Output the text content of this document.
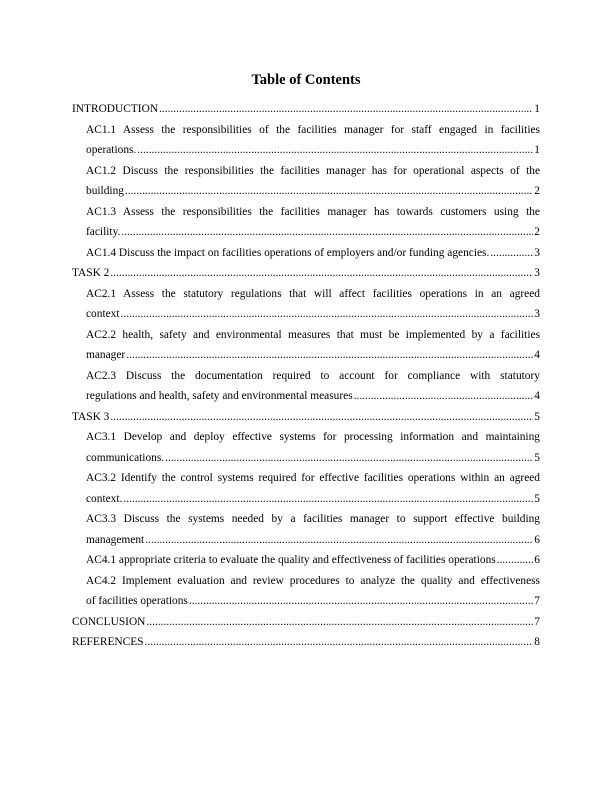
Table of Contents
INTRODUCTION .....	1
AC1.1 Assess the responsibilities of the facilities manager for staff engaged in facilities
operations. .....	1
AC1.2 Discuss the responsibilities the facilities manager has for operational aspects of the
building .....	2
AC1.3 Assess the responsibilities the facilities manager has towards customers using the
facility. .....	2
AC1.4 Discuss the impact on facilities operations of employers and/or funding agencies. .....	3
TASK 2 .....	3
AC2.1 Assess the statutory regulations that will affect facilities operations in an agreed
context .....	3
AC2.2 health, safety and environmental measures that must be implemented by a facilities
manager .....	4
AC2.3 Discuss the documentation required to account for compliance with statutory
regulations and health, safety and environmental measures .....	4
TASK 3 .....	5
AC3.1 Develop and deploy effective systems for processing information and maintaining
communications. .....	5
AC3.2 Identify the control systems required for effective facilities operations within an agreed
context. .....	5
AC3.3 Discuss the systems needed by a facilities manager to support effective building
management .....	6
AC4.1 appropriate criteria to evaluate the quality and effectiveness of facilities operations .....	6
AC4.2 Implement evaluation and review procedures to analyze the quality and effectiveness
of facilities operations .....	7
CONCLUSION .....	7
REFERENCES .....	8
